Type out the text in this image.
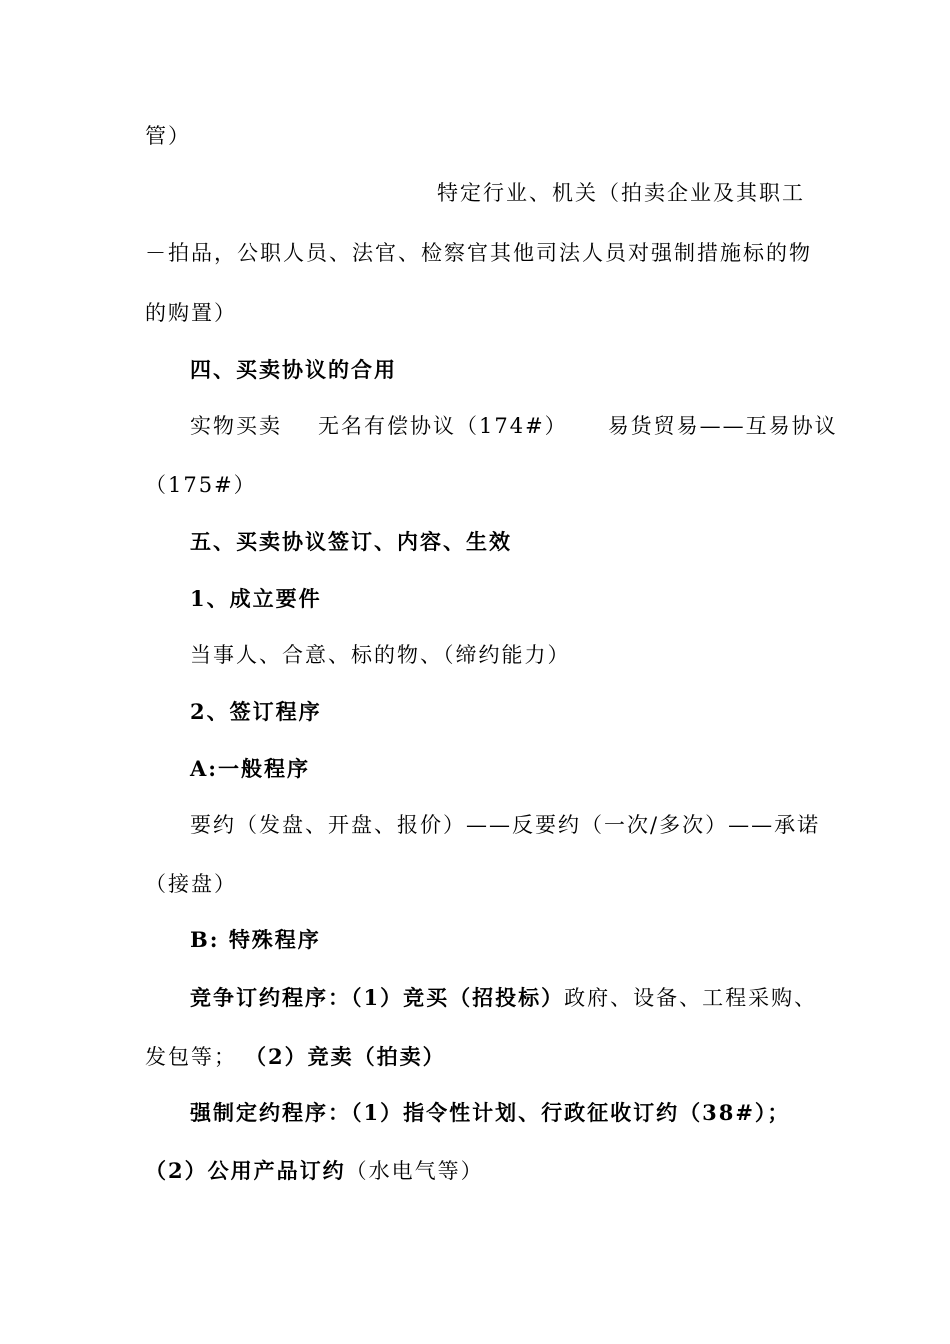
管）
特定行业、机关（拍卖企业及其职工
－拍品，公职人员、法官、检察官其他司法人员对强制措施标的物
的购置）
四、买卖协议的合用
实物买卖 无名有偿协议（174#） 易货贸易——互易协议
（175#）
五、买卖协议签订、内容、生效
1、成立要件
当事人、合意、标的物、（缔约能力）
2、签订程序
A:一般程序
要约（发盘、开盘、报价）——反要约（一次/多次）——承诺
（接盘）
B: 特殊程序
竞争订约程序：（1）竞买（招投标）政府、设备、工程采购、
发包等； （2）竞卖（拍卖）
强制定约程序：（1）指令性计划、行政征收订约（38#）；
（2）公用产品订约（水电气等）
